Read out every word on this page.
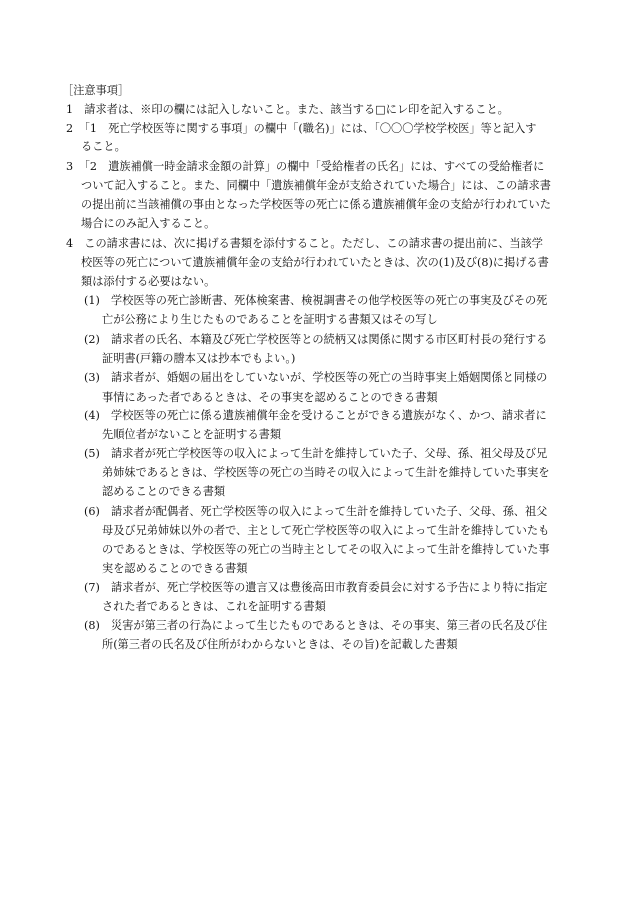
［注意事項］
1　請求者は、※印の欄には記入しないこと。また、該当する□にレ印を記入すること。
2　「1　死亡学校医等に関する事項」の欄中「(職名)」には、「〇〇〇学校学校医」等と記入す
ること。
3　「2　遺族補償一時金請求金額の計算」の欄中「受給権者の氏名」には、すべての受給権者に
ついて記入すること。また、同欄中「遺族補償年金が支給されていた場合」には、この請求書
の提出前に当該補償の事由となった学校医等の死亡に係る遺族補償年金の支給が行われていた
場合にのみ記入すること。
4　この請求書には、次に掲げる書類を添付すること。ただし、この請求書の提出前に、当該学
校医等の死亡について遺族補償年金の支給が行われていたときは、次の(1)及び(8)に掲げる書
類は添付する必要はない。
(1)　学校医等の死亡診断書、死体検案書、検視調書その他学校医等の死亡の事実及びその死
亡が公務により生じたものであることを証明する書類又はその写し
(2)　請求者の氏名、本籍及び死亡学校医等との続柄又は関係に関する市区町村長の発行する
証明書(戸籍の謄本又は抄本でもよい。)
(3)　請求者が、婚姻の届出をしていないが、学校医等の死亡の当時事実上婚姻関係と同様の
事情にあった者であるときは、その事実を認めることのできる書類
(4)　学校医等の死亡に係る遺族補償年金を受けることができる遺族がなく、かつ、請求者に
先順位者がないことを証明する書類
(5)　請求者が死亡学校医等の収入によって生計を維持していた子、父母、孫、祖父母及び兄
弟姉妹であるときは、学校医等の死亡の当時その収入によって生計を維持していた事実を
認めることのできる書類
(6)　請求者が配偶者、死亡学校医等の収入によって生計を維持していた子、父母、孫、祖父
母及び兄弟姉妹以外の者で、主として死亡学校医等の収入によって生計を維持していたも
のであるときは、学校医等の死亡の当時主としてその収入によって生計を維持していた事
実を認めることのできる書類
(7)　請求者が、死亡学校医等の遺言又は豊後高田市教育委員会に対する予告により特に指定
された者であるときは、これを証明する書類
(8)　災害が第三者の行為によって生じたものであるときは、その事実、第三者の氏名及び住
所(第三者の氏名及び住所がわからないときは、その旨)を記載した書類
